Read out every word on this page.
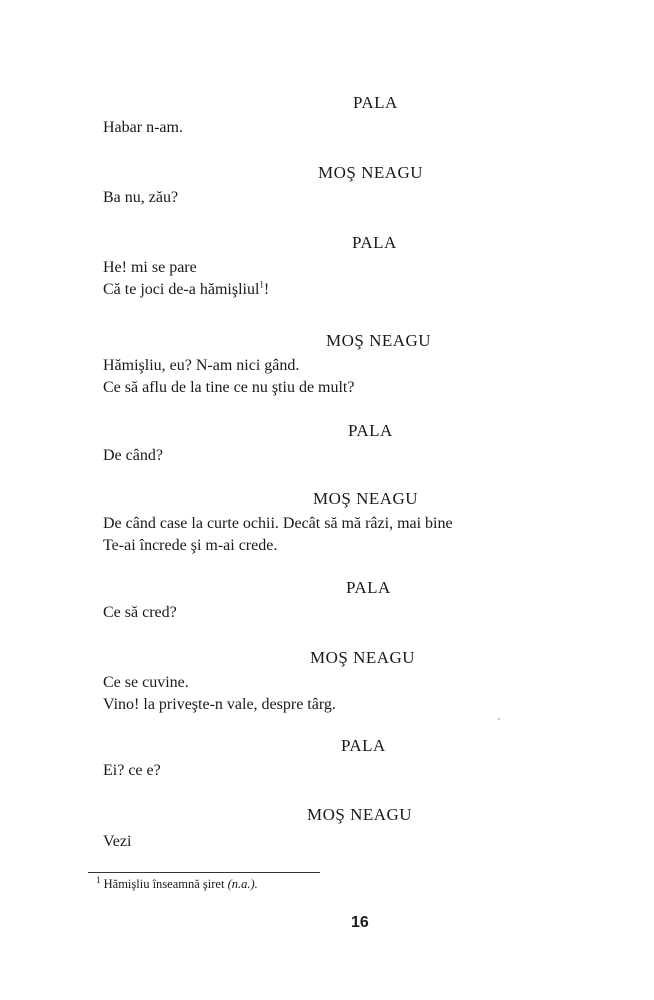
PALA
Habar n-am.
MOŞ NEAGU
Ba nu, zău?
PALA
He! mi se pare
Că te joci de-a hămişliul$^1$!
MOŞ NEAGU
Hămişliu, eu? N-am nici gând.
Ce să aflu de la tine ce nu ştiu de mult?
PALA
De când?
MOŞ NEAGU
De când case la curte ochii. Decât să mă râzi, mai bine
Te-ai încrede şi m-ai crede.
PALA
Ce să cred?
MOŞ NEAGU
Ce se cuvine.
Vino! la priveşte-n vale, despre târg.
PALA
Ei? ce e?
MOŞ NEAGU
Vezi
$^1$ Hămişliu înseamnă şiret (n.a.).
16
